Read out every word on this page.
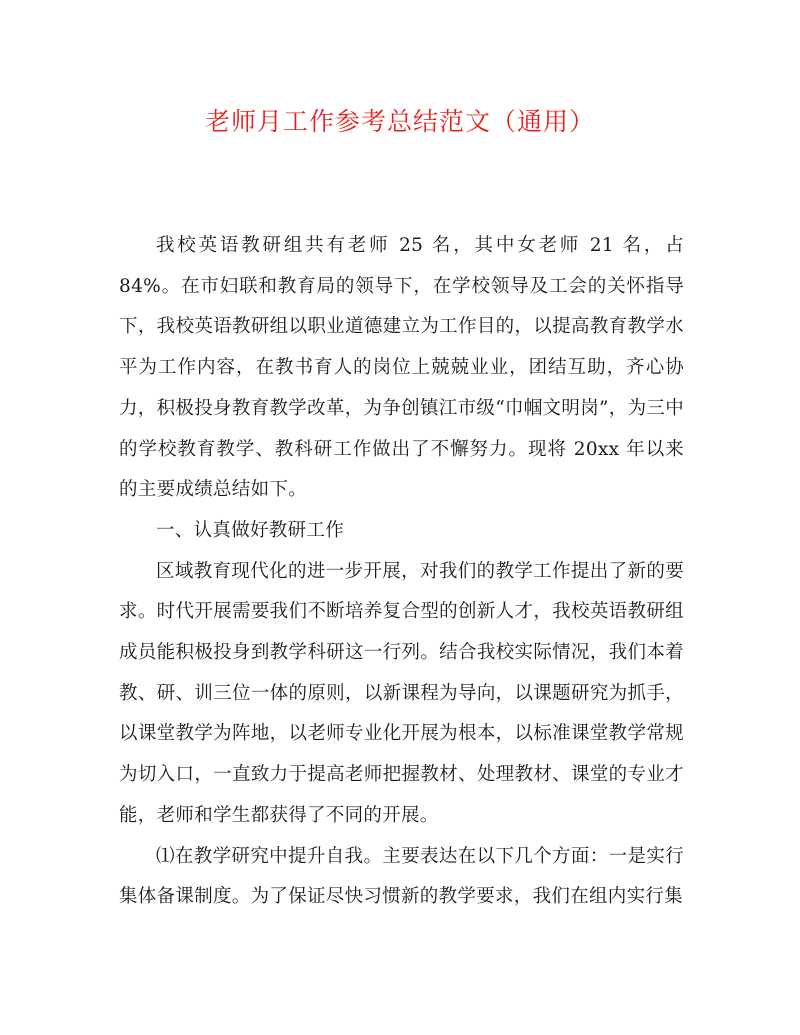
老师月工作参考总结范文（通用）

我校英语教研组共有老师 25 名，其中女老师 21 名，占 84%。在市妇联和教育局的领导下，在学校领导及工会的关怀指导下，我校英语教研组以职业道德建立为工作目的，以提高教育教学水平为工作内容，在教书育人的岗位上兢兢业业，团结互助，齐心协力，积极投身教育教学改革，为争创镇江市级“巾帼文明岗”，为三中的学校教育教学、教科研工作做出了不懈努力。现将 20xx 年以来的主要成绩总结如下。

一、认真做好教研工作

区域教育现代化的进一步开展，对我们的教学工作提出了新的要求。时代开展需要我们不断培养复合型的创新人才，我校英语教研组成员能积极投身到教学科研这一行列。结合我校实际情况，我们本着教、研、训三位一体的原则，以新课程为导向，以课题研究为抓手，以课堂教学为阵地，以老师专业化开展为根本，以标准课堂教学常规为切入口，一直致力于提高老师把握教材、处理教材、课堂的专业才能，老师和学生都获得了不同的开展。

⑴在教学研究中提升自我。主要表达在以下几个方面：一是实行集体备课制度。为了保证尽快习惯新的教学要求，我们在组内实行集
